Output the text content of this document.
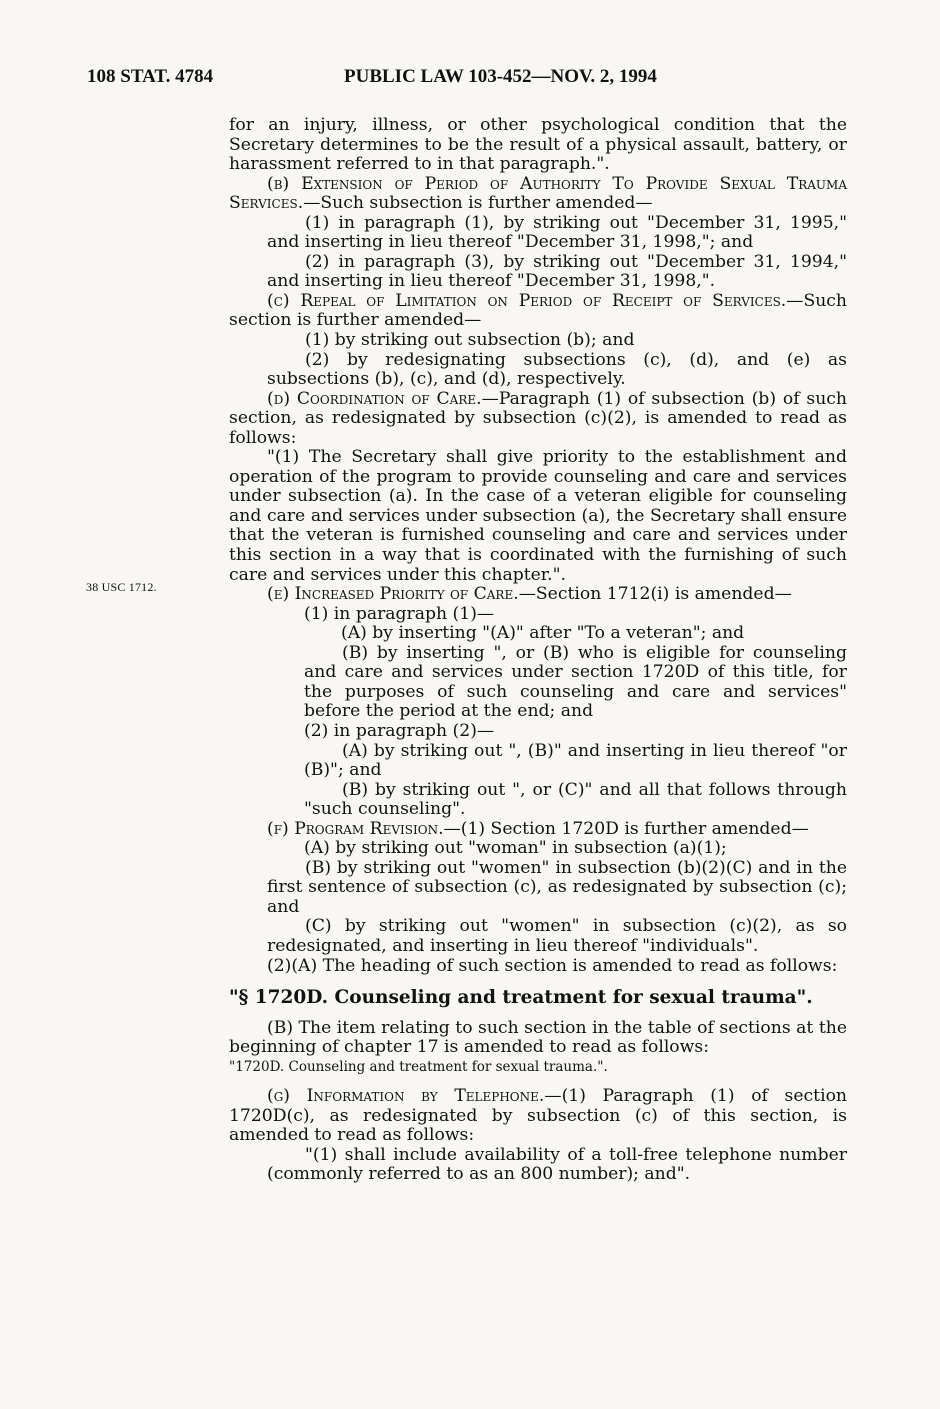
108 STAT. 4784	PUBLIC LAW 103-452—NOV. 2, 1994
38 USC 1712.

for an injury, illness, or other psychological condition that the Secretary determines to be the result of a physical assault, battery, or harassment referred to in that paragraph.".

(b) Extension of Period of Authority To Provide Sexual Trauma Services.—Such subsection is further amended—

(1) in paragraph (1), by striking out "December 31, 1995," and inserting in lieu thereof "December 31, 1998,"; and

(2) in paragraph (3), by striking out "December 31, 1994," and inserting in lieu thereof "December 31, 1998,".

(c) Repeal of Limitation on Period of Receipt of Services.—Such section is further amended—

(1) by striking out subsection (b); and

(2) by redesignating subsections (c), (d), and (e) as subsections (b), (c), and (d), respectively.

(d) Coordination of Care.—Paragraph (1) of subsection (b) of such section, as redesignated by subsection (c)(2), is amended to read as follows:

"(1) The Secretary shall give priority to the establishment and operation of the program to provide counseling and care and services under subsection (a). In the case of a veteran eligible for counseling and care and services under subsection (a), the Secretary shall ensure that the veteran is furnished counseling and care and services under this section in a way that is coordinated with the furnishing of such care and services under this chapter.".

(e) Increased Priority of Care.—Section 1712(i) is amended—

(1) in paragraph (1)—

(A) by inserting "(A)" after "To a veteran"; and

(B) by inserting ", or (B) who is eligible for counseling and care and services under section 1720D of this title, for the purposes of such counseling and care and services" before the period at the end; and

(2) in paragraph (2)—

(A) by striking out ", (B)" and inserting in lieu thereof "or (B)"; and

(B) by striking out ", or (C)" and all that follows through "such counseling".

(f) Program Revision.—(1) Section 1720D is further amended—

(A) by striking out "woman" in subsection (a)(1);

(B) by striking out "women" in subsection (b)(2)(C) and in the first sentence of subsection (c), as redesignated by subsection (c); and

(C) by striking out "women" in subsection (c)(2), as so redesignated, and inserting in lieu thereof "individuals".

(2)(A) The heading of such section is amended to read as follows:

"§ 1720D. Counseling and treatment for sexual trauma".

(B) The item relating to such section in the table of sections at the beginning of chapter 17 is amended to read as follows:

"1720D. Counseling and treatment for sexual trauma.".

(g) Information by Telephone.—(1) Paragraph (1) of section 1720D(c), as redesignated by subsection (c) of this section, is amended to read as follows:

"(1) shall include availability of a toll-free telephone number (commonly referred to as an 800 number); and".
